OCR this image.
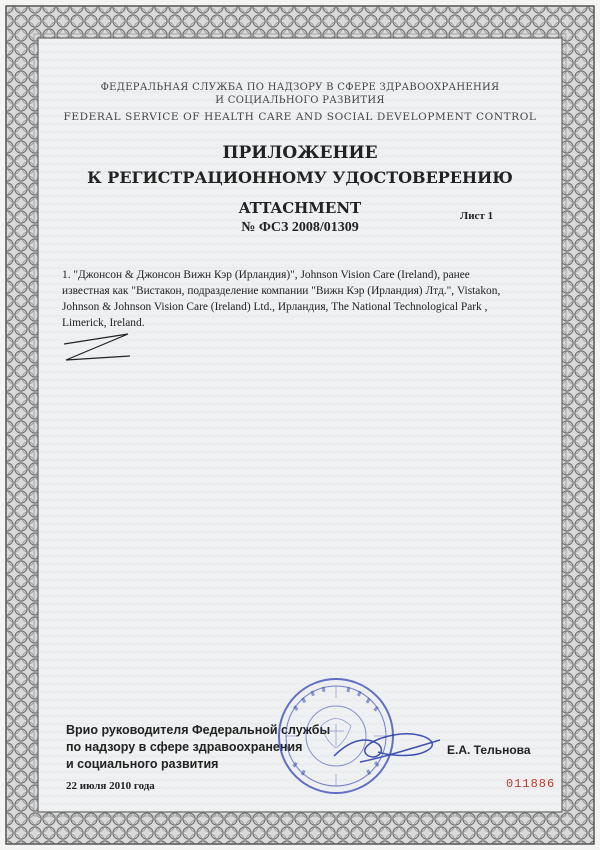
ФЕДЕРАЛЬНАЯ СЛУЖБА ПО НАДЗОРУ В СФЕРЕ ЗДРАВООХРАНЕНИЯ
И СОЦИАЛЬНОГО РАЗВИТИЯ
FEDERAL SERVICE OF HEALTH CARE AND SOCIAL DEVELOPMENT CONTROL
ПРИЛОЖЕНИЕ
К РЕГИСТРАЦИОННОМУ УДОСТОВЕРЕНИЮ
ATTACHMENT	Лист 1
№ ФСЗ 2008/01309
1. "Джонсон & Джонсон Вижн Кэр (Ирландия)", Johnson Vision Care (Ireland), ранее
известная как "Вистакон, подразделение компании "Вижн Кэр (Ирландия) Лтд.", Vistakon,
Johnson & Johnson Vision Care (Ireland) Ltd., Ирландия, The National Technological Park ,
Limerick, Ireland.
Врио руководителя Федеральной службы
по надзору в сфере здравоохранения
и социального развития
Е.А. Тельнова
22 июля 2010 года	011886
· · · · · · · · · · · · · · · · · · · · · · · · · · · · · · · · · · · · · · · · · · · · · · · · · ·
